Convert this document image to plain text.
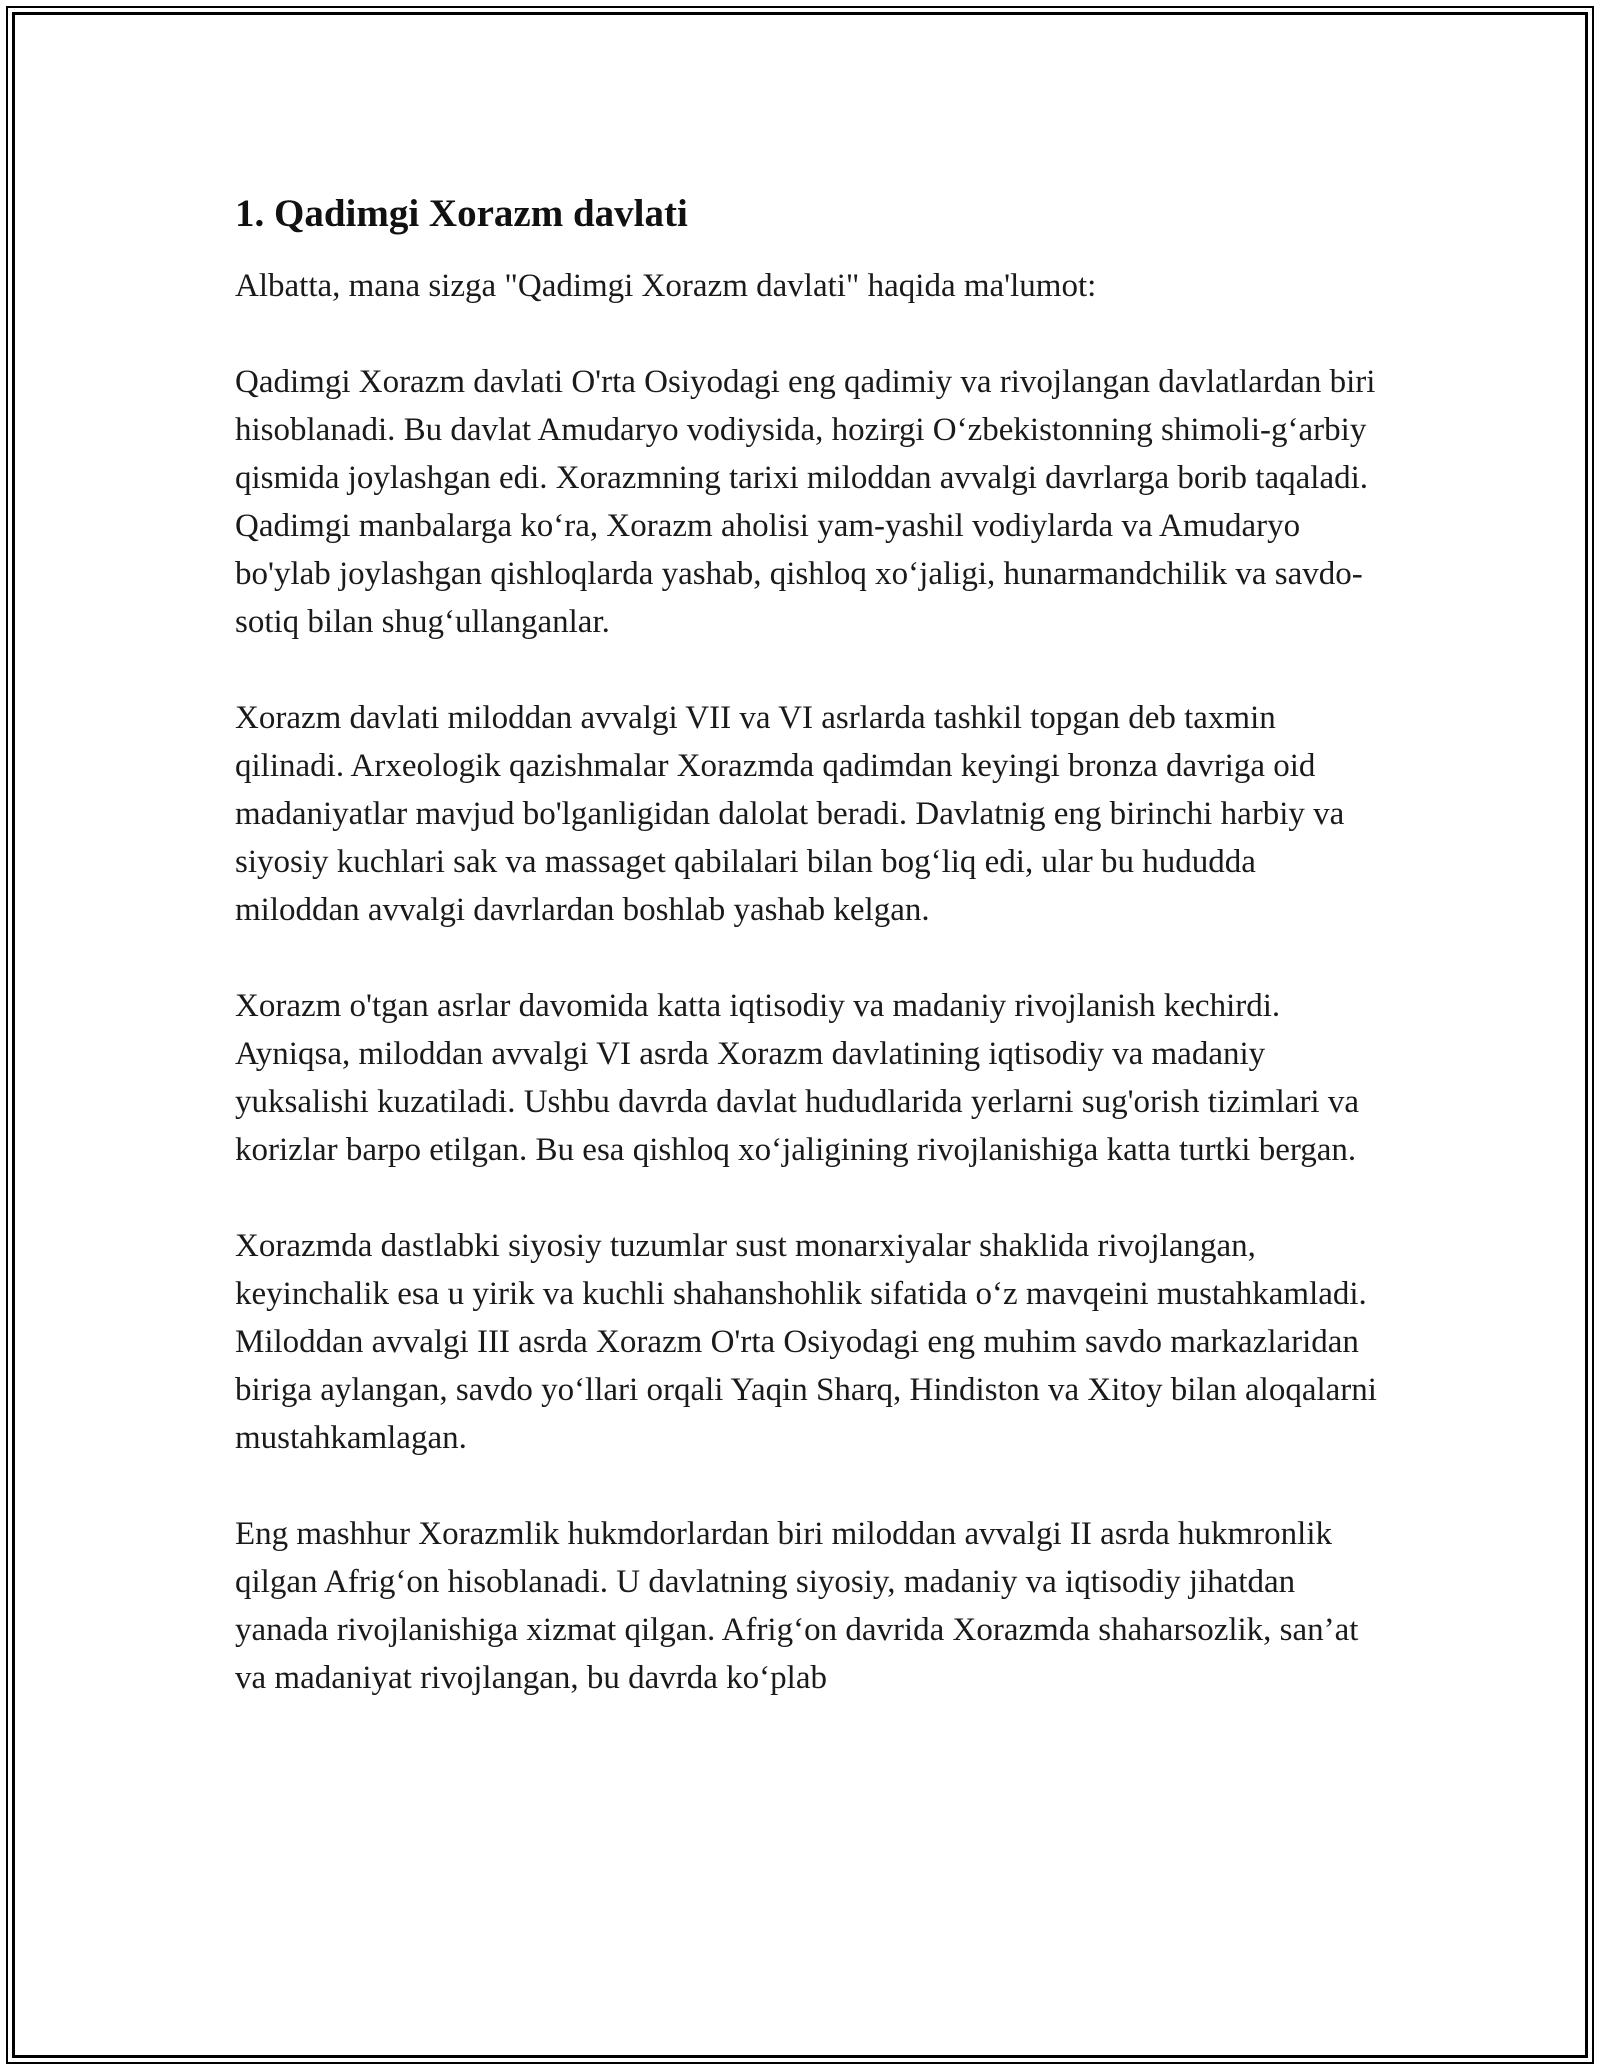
1. Qadimgi Xorazm davlati

Albatta, mana sizga "Qadimgi Xorazm davlati" haqida ma'lumot:

Qadimgi Xorazm davlati O'rta Osiyodagi eng qadimiy va rivojlangan davlatlardan biri hisoblanadi. Bu davlat Amudaryo vodiysida, hozirgi O‘zbekistonning shimoli-g‘arbiy qismida joylashgan edi. Xorazmning tarixi miloddan avvalgi davrlarga borib taqaladi. Qadimgi manbalarga ko‘ra, Xorazm aholisi yam-yashil vodiylarda va Amudaryo bo'ylab joylashgan qishloqlarda yashab, qishloq xo‘jaligi, hunarmandchilik va savdo-sotiq bilan shug‘ullanganlar.

Xorazm davlati miloddan avvalgi VII va VI asrlarda tashkil topgan deb taxmin qilinadi. Arxeologik qazishmalar Xorazmda qadimdan keyingi bronza davriga oid madaniyatlar mavjud bo'lganligidan dalolat beradi. Davlatnig eng birinchi harbiy va siyosiy kuchlari sak va massaget qabilalari bilan bog‘liq edi, ular bu hududda miloddan avvalgi davrlardan boshlab yashab kelgan.

Xorazm o'tgan asrlar davomida katta iqtisodiy va madaniy rivojlanish kechirdi. Ayniqsa, miloddan avvalgi VI asrda Xorazm davlatining iqtisodiy va madaniy yuksalishi kuzatiladi. Ushbu davrda davlat hududlarida yerlarni sug'orish tizimlari va korizlar barpo etilgan. Bu esa qishloq xo‘jaligining rivojlanishiga katta turtki bergan.

Xorazmda dastlabki siyosiy tuzumlar sust monarxiyalar shaklida rivojlangan, keyinchalik esa u yirik va kuchli shahanshohlik sifatida o‘z mavqeini mustahkamladi. Miloddan avvalgi III asrda Xorazm O'rta Osiyodagi eng muhim savdo markazlaridan biriga aylangan, savdo yo‘llari orqali Yaqin Sharq, Hindiston va Xitoy bilan aloqalarni mustahkamlagan.

Eng mashhur Xorazmlik hukmdorlardan biri miloddan avvalgi II asrda hukmronlik qilgan Afrig‘on hisoblanadi. U davlatning siyosiy, madaniy va iqtisodiy jihatdan yanada rivojlanishiga xizmat qilgan. Afrig‘on davrida Xorazmda shaharsozlik, san’at va madaniyat rivojlangan, bu davrda ko‘plab
